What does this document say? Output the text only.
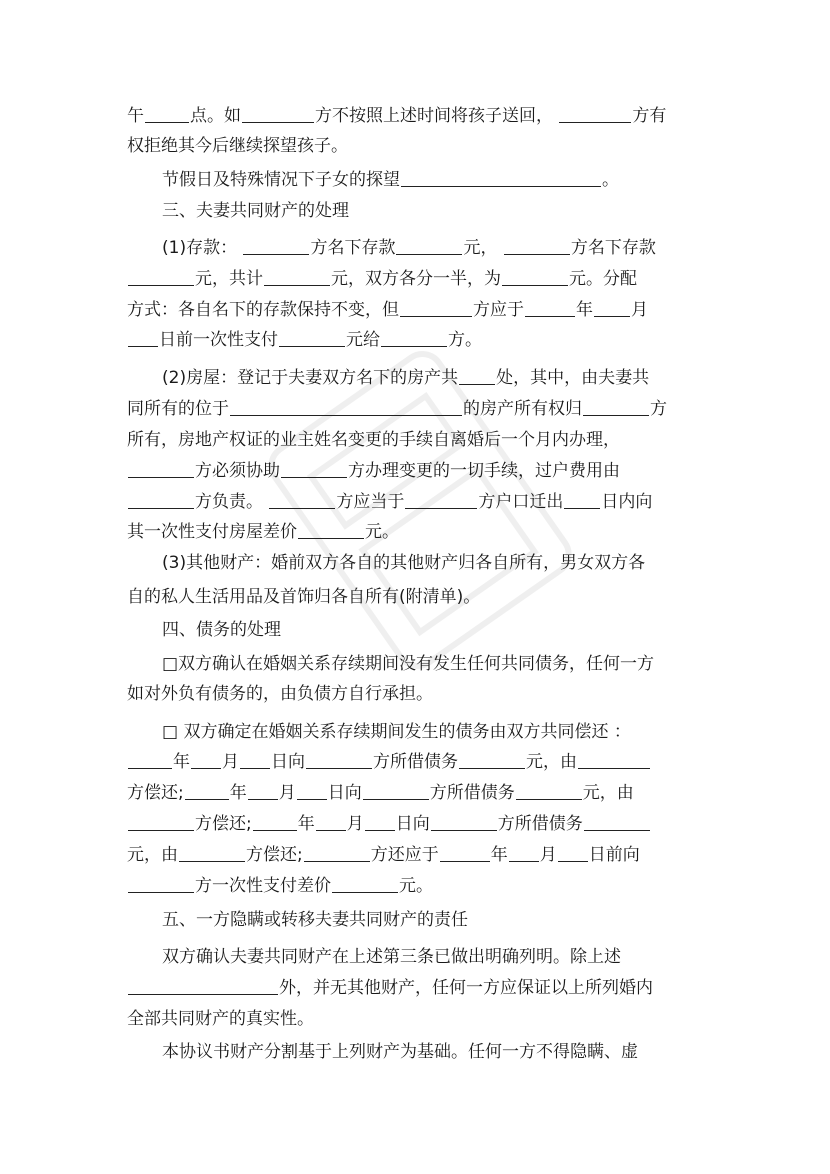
午	点。如	方不按照上述时间将孩子送回，	方有
权拒绝其今后继续探望孩子。
节假日及特殊情况下子女的探望	。
三、夫妻共同财产的处理
(1)存款：	方名下存款	元，	方名下存款
元，共计	元，双方各分一半，为	元。分配
方式：各自名下的存款保持不变，但	方应于	年 月
日前一次性支付	元给	方。
(2)房屋：登记于夫妻双方名下的房产共 处，其中，由夫妻共
同所有的位于	的房产所有权归	方
所有，房地产权证的业主姓名变更的手续自离婚后一个月内办理，
方必须协助	方办理变更的一切手续，过户费用由
方负责。	方应当于	方户口迁出 日内向
其一次性支付房屋差价	元。
(3)其他财产：婚前双方各自的其他财产归各自所有，男女双方各
自的私人生活用品及首饰归各自所有(附清单)。
四、债务的处理
□双方确认在婚姻关系存续期间没有发生任何共同债务，任何一方
如对外负有债务的，由负债方自行承担。
□ 双方确定在婚姻关系存续期间发生的债务由双方共同偿还 ：
年 月 日向	方所借债务	元，由
方偿还;	年 月 日向	方所借债务	元，由
方偿还;	年 月 日向	方所借债务
元，由	方偿还;	方还应于	年 月 日前向
方一次性支付差价	元。
五、一方隐瞒或转移夫妻共同财产的责任
双方确认夫妻共同财产在上述第三条已做出明确列明。除上述
外，并无其他财产，任何一方应保证以上所列婚内
全部共同财产的真实性。
本协议书财产分割基于上列财产为基础。任何一方不得隐瞒、虚
